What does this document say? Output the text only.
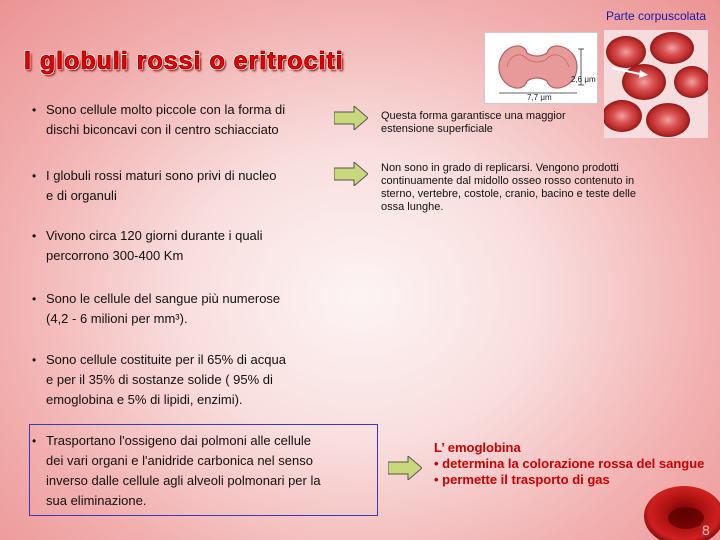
Parte corpuscolata
I globuli rossi o eritrociti
2,6 μm
7,7 μm
• Sono cellule molto piccole con la forma di
dischi biconcavi con il centro schiacciato
Questa forma garantisce una maggior
estensione superficiale
• I globuli rossi maturi sono privi di nucleo
e di organuli
Non sono in grado di replicarsi. Vengono prodotti
continuamente dal midollo osseo rosso contenuto in
sterno, vertebre, costole, cranio, bacino e teste delle
ossa lunghe.
• Vivono circa 120 giorni durante i quali
percorrono 300-400 Km
• Sono le cellule del sangue più numerose
(4,2 - 6 milioni per mm³).
• Sono cellule costituite per il 65% di acqua
e per il 35% di sostanze solide ( 95% di
emoglobina e 5% di lipidi, enzimi).
• Trasportano l'ossigeno dai polmoni alle cellule
dei vari organi e l'anidride carbonica nel senso
inverso dalle cellule agli alveoli polmonari per la
sua eliminazione.
L’ emoglobina
• determina la colorazione rossa del sangue
• permette il trasporto di gas
8
